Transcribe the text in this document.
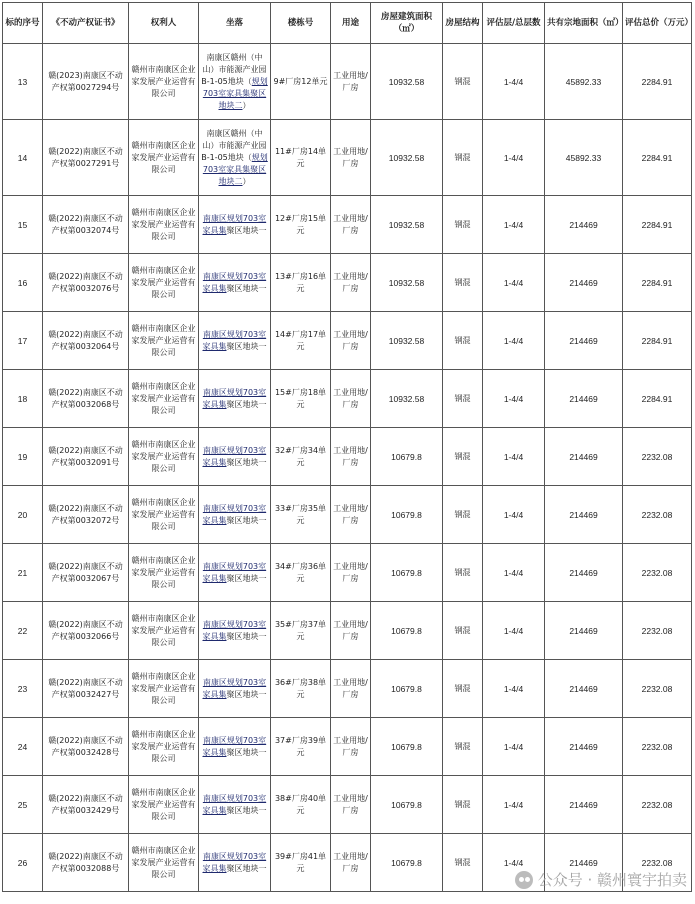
标的序号	《不动产权证书》	权利人	坐落	楼栋号	用途	房屋建筑面积（㎡）	房屋结构	评估层/总层数	共有宗地面积（㎡）	评估总价（万元）
13	赣(2023)南康区不动产权第0027294号	赣州市南康区企业家发展产业运营有限公司	南康区赣州（中山）市能源产业园B-1-05地块（规划703室家具集聚区地块二）	9#厂房12单元	工业用地/厂房	10932.58	钢混	1-4/4	45892.33	2284.91
14	赣(2022)南康区不动产权第0027291号	赣州市南康区企业家发展产业运营有限公司	南康区赣州（中山）市能源产业园B-1-05地块（规划703室家具集聚区地块二）	11#厂房14单元	工业用地/厂房	10932.58	钢混	1-4/4	45892.33	2284.91
15	赣(2022)南康区不动产权第0032074号	赣州市南康区企业家发展产业运营有限公司	南康区规划703室家具集聚区地块一	12#厂房15单元	工业用地/厂房	10932.58	钢混	1-4/4	214469	2284.91
16	赣(2022)南康区不动产权第0032076号	赣州市南康区企业家发展产业运营有限公司	南康区规划703室家具集聚区地块一	13#厂房16单元	工业用地/厂房	10932.58	钢混	1-4/4	214469	2284.91
17	赣(2022)南康区不动产权第0032064号	赣州市南康区企业家发展产业运营有限公司	南康区规划703室家具集聚区地块一	14#厂房17单元	工业用地/厂房	10932.58	钢混	1-4/4	214469	2284.91
18	赣(2022)南康区不动产权第0032068号	赣州市南康区企业家发展产业运营有限公司	南康区规划703室家具集聚区地块一	15#厂房18单元	工业用地/厂房	10932.58	钢混	1-4/4	214469	2284.91
19	赣(2022)南康区不动产权第0032091号	赣州市南康区企业家发展产业运营有限公司	南康区规划703室家具集聚区地块一	32#厂房34单元	工业用地/厂房	10679.8	钢混	1-4/4	214469	2232.08
20	赣(2022)南康区不动产权第0032072号	赣州市南康区企业家发展产业运营有限公司	南康区规划703室家具集聚区地块一	33#厂房35单元	工业用地/厂房	10679.8	钢混	1-4/4	214469	2232.08
21	赣(2022)南康区不动产权第0032067号	赣州市南康区企业家发展产业运营有限公司	南康区规划703室家具集聚区地块一	34#厂房36单元	工业用地/厂房	10679.8	钢混	1-4/4	214469	2232.08
22	赣(2022)南康区不动产权第0032066号	赣州市南康区企业家发展产业运营有限公司	南康区规划703室家具集聚区地块一	35#厂房37单元	工业用地/厂房	10679.8	钢混	1-4/4	214469	2232.08
23	赣(2022)南康区不动产权第0032427号	赣州市南康区企业家发展产业运营有限公司	南康区规划703室家具集聚区地块一	36#厂房38单元	工业用地/厂房	10679.8	钢混	1-4/4	214469	2232.08
24	赣(2022)南康区不动产权第0032428号	赣州市南康区企业家发展产业运营有限公司	南康区规划703室家具集聚区地块一	37#厂房39单元	工业用地/厂房	10679.8	钢混	1-4/4	214469	2232.08
25	赣(2022)南康区不动产权第0032429号	赣州市南康区企业家发展产业运营有限公司	南康区规划703室家具集聚区地块一	38#厂房40单元	工业用地/厂房	10679.8	钢混	1-4/4	214469	2232.08
26	赣(2022)南康区不动产权第0032088号	赣州市南康区企业家发展产业运营有限公司	南康区规划703室家具集聚区地块一	39#厂房41单元	工业用地/厂房	10679.8	钢混	1-4/4	214469	2232.08
公众号 · 赣州寰宇拍卖
